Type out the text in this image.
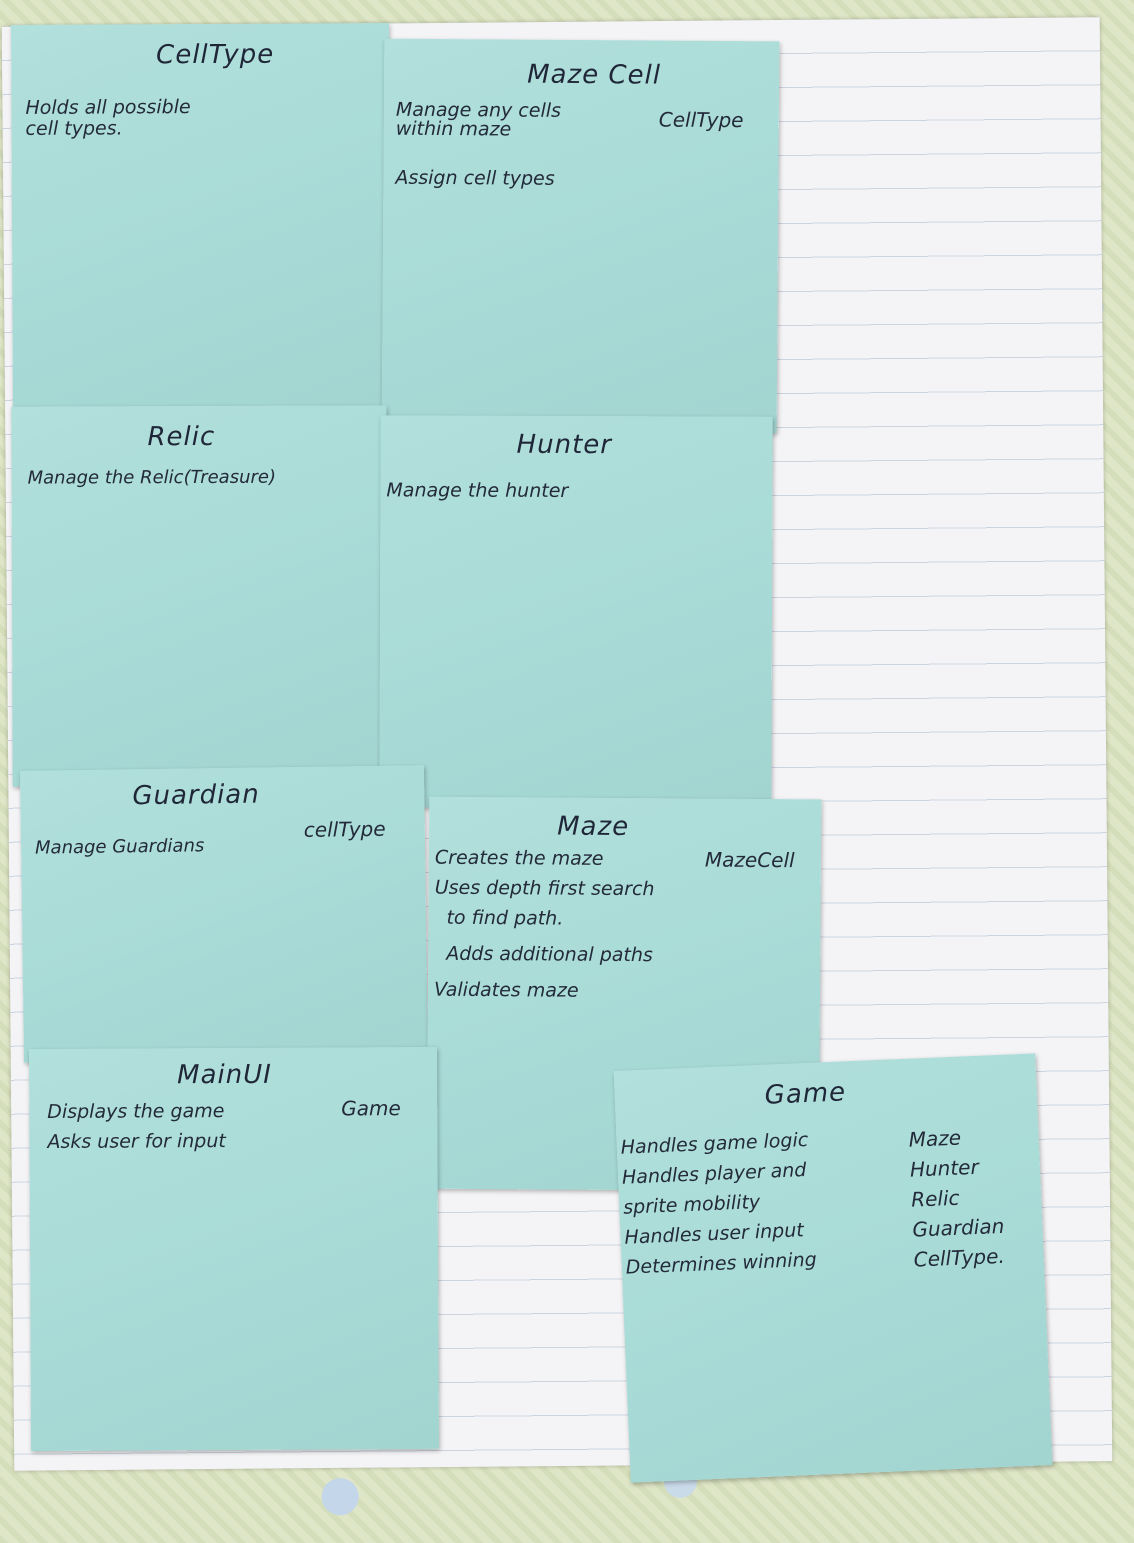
CellType
Holds all possible
cell types.
Maze Cell
Manage any cells
within maze
Assign cell types
CellType
Relic
Manage the Relic(Treasure)
Hunter
Manage the hunter
Guardian
Manage Guardians
cellType	Maze
Creates the maze
Uses depth first search
to find path.
Adds additional paths
Validates maze
MazeCell
MainUI
Displays the game
Asks user for input
Game	Game
Handles game logic
Handles player and
sprite mobility
Handles user input
Determines winning
Maze
Hunter
Relic
Guardian
CellType.
